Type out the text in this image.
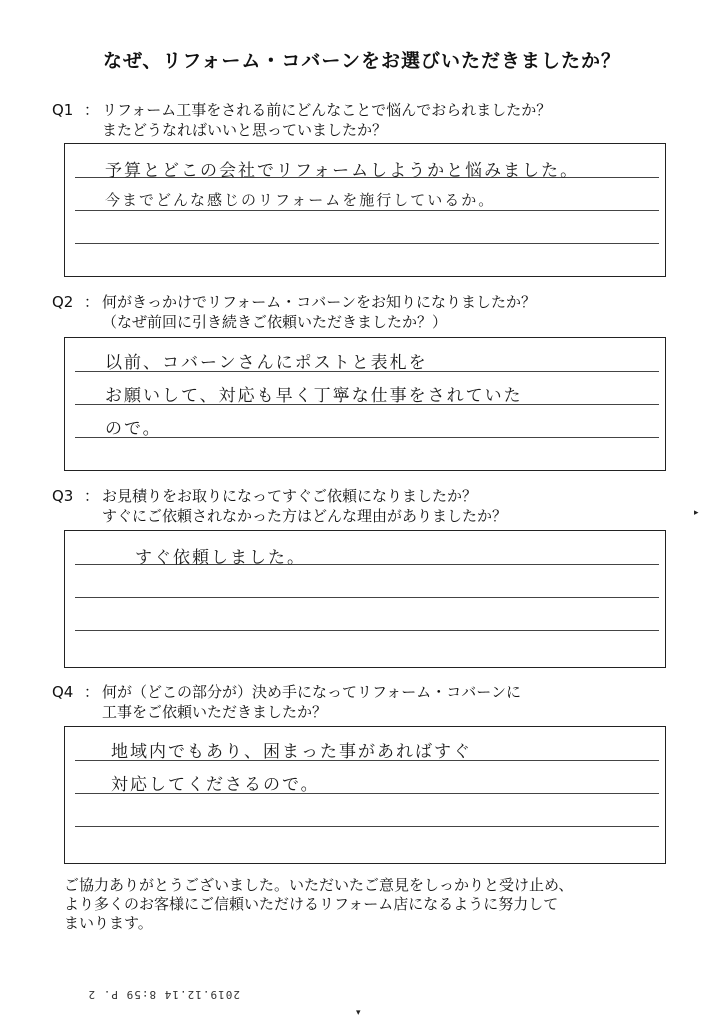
なぜ、リフォーム・コバーンをお選びいただきましたか？
Q1 ： リフォーム工事をされる前にどんなことで悩んでおられましたか？
またどうなればいいと思っていましたか？
予算とどこの会社でリフォームしようかと悩みました。
今までどんな感じのリフォームを施行しているか。
Q2 ： 何がきっかけでリフォーム・コバーンをお知りになりましたか？
（なぜ前回に引き続きご依頼いただきましたか？）
以前、コバーンさんにポストと表札を
お願いして、対応も早く丁寧な仕事をされていた
ので。
Q3 ： お見積りをお取りになってすぐご依頼になりましたか？
すぐにご依頼されなかった方はどんな理由がありましたか？
すぐ依頼しました。
Q4 ： 何が（どこの部分が）決め手になってリフォーム・コバーンに
工事をご依頼いただきましたか？
地域内でもあり、困まった事があればすぐ
対応してくださるので。
ご協力ありがとうございました。いただいたご意見をしっかりと受け止め、
より多くのお客様にご信頼いただけるリフォーム店になるように努力して
まいります。
2019.12.14 8:59 P. 2
▸
▾
